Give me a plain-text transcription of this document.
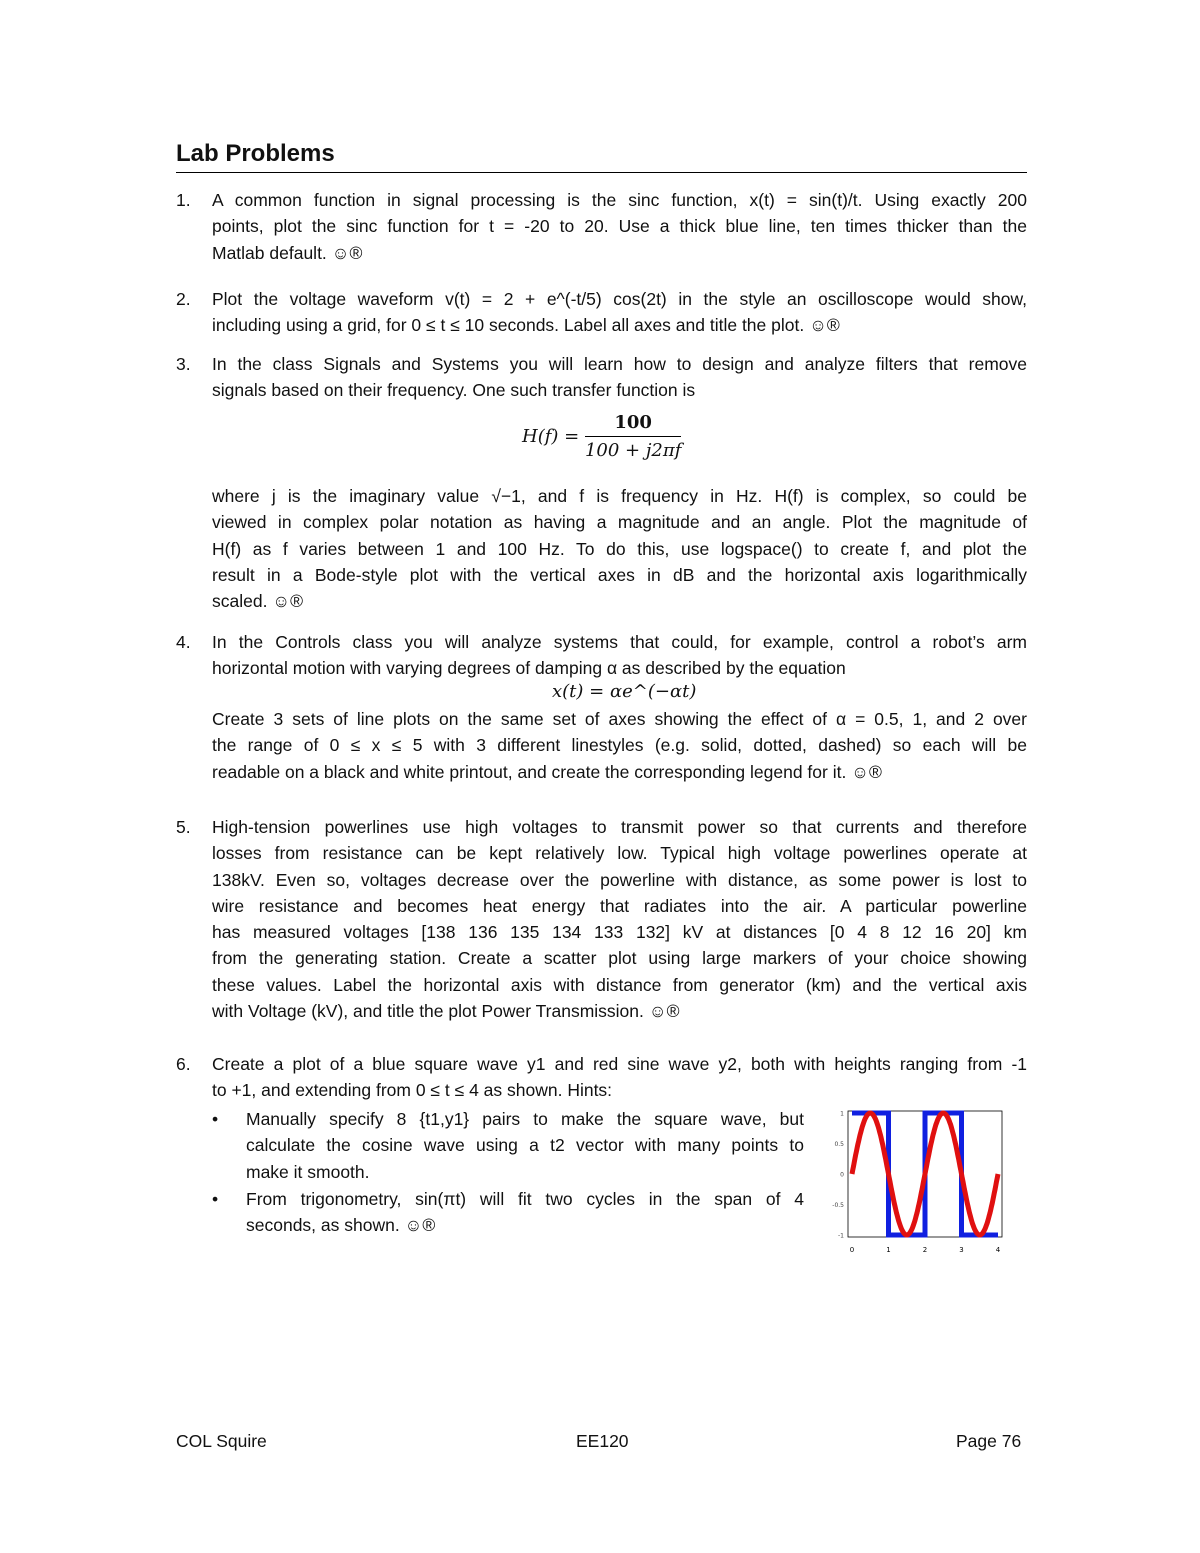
Lab Problems
1. A common function in signal processing is the sinc function, x(t) = sin(t)/t. Using exactly 200

points, plot the sinc function for t = -20 to 20. Use a thick blue line, ten times thicker than the

Matlab default. ☺®

2. Plot the voltage waveform v(t) = 2 + e^(-t/5) cos(2t) in the style an oscilloscope would show,

including using a grid, for 0 ≤ t ≤ 10 seconds. Label all axes and title the plot. ☺®

3. In the class Signals and Systems you will learn how to design and analyze filters that remove

signals based on their frequency. One such transfer function is

$H(f) = \frac{100}{100 + j2\pi f}$

where j is the imaginary value √−1, and f is frequency in Hz. H(f) is complex, so could be

viewed in complex polar notation as having a magnitude and an angle. Plot the magnitude of

H(f) as f varies between 1 and 100 Hz. To do this, use logspace() to create f, and plot the

result in a Bode-style plot with the vertical axes in dB and the horizontal axis logarithmically

scaled. ☺®

4. In the Controls class you will analyze systems that could, for example, control a robot’s arm

horizontal motion with varying degrees of damping α as described by the equation

x(t) = αe^(−αt)

Create 3 sets of line plots on the same set of axes showing the effect of α = 0.5, 1, and 2 over

the range of 0 ≤ x ≤ 5 with 3 different linestyles (e.g. solid, dotted, dashed) so each will be

readable on a black and white printout, and create the corresponding legend for it. ☺®

5. High-tension powerlines use high voltages to transmit power so that currents and therefore

losses from resistance can be kept relatively low. Typical high voltage powerlines operate at

138kV. Even so, voltages decrease over the powerline with distance, as some power is lost to

wire resistance and becomes heat energy that radiates into the air. A particular powerline

has measured voltages [138 136 135 134 133 132] kV at distances [0 4 8 12 16 20] km

from the generating station. Create a scatter plot using large markers of your choice showing

these values. Label the horizontal axis with distance from generator (km) and the vertical axis

with Voltage (kV), and title the plot Power Transmission. ☺®

6. Create a plot of a blue square wave y1 and red sine wave y2, both with heights ranging from -1

to +1, and extending from 0 ≤ t ≤ 4 as shown. Hints:

• Manually specify 8 {t1,y1} pairs to make the square wave, but

calculate the cosine wave using a t2 vector with many points to

make it smooth.

• From trigonometry, sin(πt) will fit two cycles in the span of 4

seconds, as shown. ☺®

0	1	2	3	4
1
0.5
0
-0.5
-1
COL Squire	EE120	Page 76
